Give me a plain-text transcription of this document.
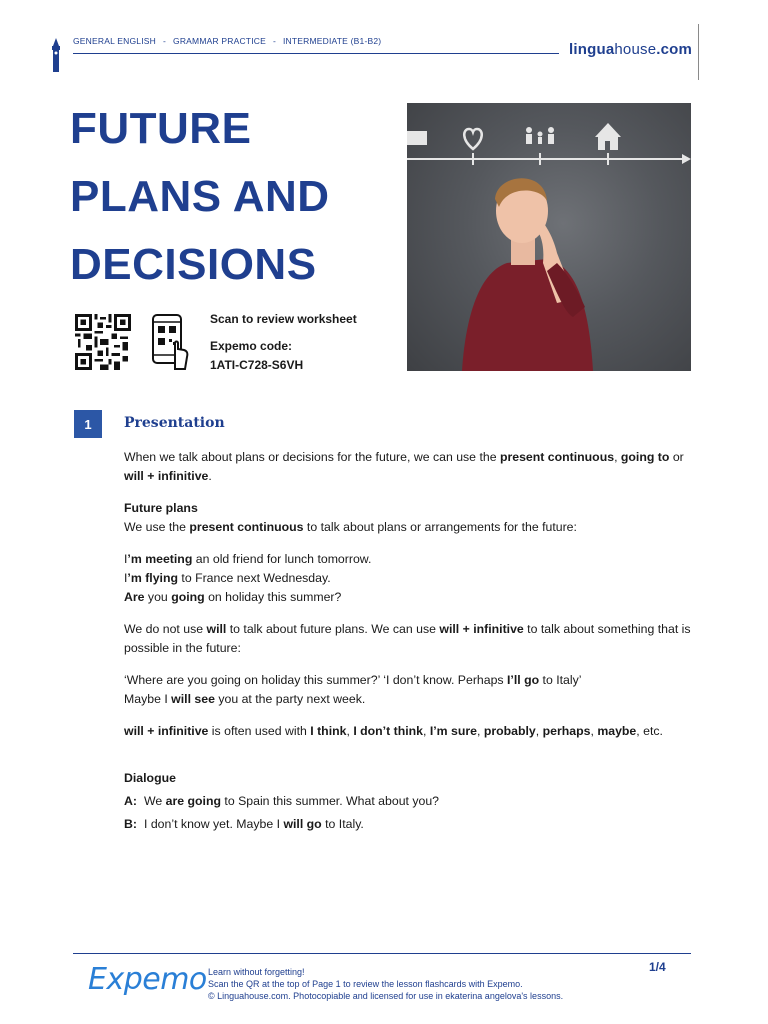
GENERAL ENGLISH - GRAMMAR PRACTICE - INTERMEDIATE (B1-B2)	linguahouse.com
FUTURE
PLANS AND
DECISIONS
Scan to review worksheet
Expemo code:
1ATI-C728-S6VH
1	Presentation

When we talk about plans or decisions for the future, we can use the present continuous, going to or will + infinitive.

Future plans

We use the present continuous to talk about plans or arrangements for the future:

I’m meeting an old friend for lunch tomorrow.

I’m flying to France next Wednesday.

Are you going on holiday this summer?

We do not use will to talk about future plans. We can use will + infinitive to talk about something that is possible in the future:

‘Where are you going on holiday this summer?’ ‘I don’t know. Perhaps I’ll go to Italy’

Maybe I will see you at the party next week.

will + infinitive is often used with I think, I don’t think, I’m sure, probably, perhaps, maybe, etc.

Dialogue

A: We are going to Spain this summer. What about you?

B: I don’t know yet. Maybe I will go to Italy.

Expemo Learn without forgetting!
Scan the QR at the top of Page 1 to review the lesson flashcards with Expemo.
© Linguahouse.com. Photocopiable and licensed for use in ekaterina angelova's lessons.
1/4
